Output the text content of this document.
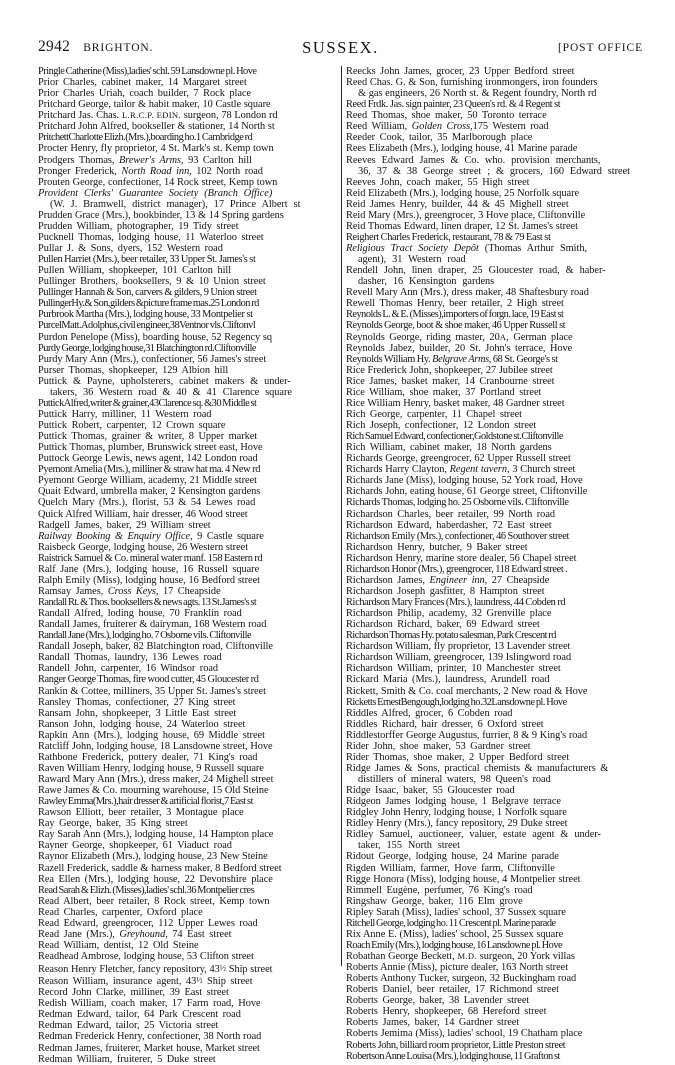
2942 BRIGHTON.	SUSSEX.	[POST OFFICE
Pringle Catherine (Miss),ladies' schl. 59 Lansdowne pl. Hove
Prior Charles, cabinet maker, 14 Margaret street
Prior Charles Uriah, coach builder, 7 Rock place
Pritchard George, tailor & habit maker, 10 Castle square
Pritchard Jas. Chas. L.R.C.P. EDIN. surgeon, 78 London rd
Pritchard John Alfred, bookseller & stationer, 14 North st
PritchettCharlotte Elizh.(Mrs.),boarding ho.1 Cambridge rd
Procter Henry, fly proprietor, 4 St. Mark's st. Kemp town
Prodgers Thomas, Brewer's Arms, 93 Carlton hill
Pronger Frederick, North Road inn, 102 North road
Prouten George, confectioner, 14 Rock street, Kemp town
Provident Clerks' Guarantee Society (Branch Office)
(W. J. Bramwell, district manager), 17 Prince Albert st
Prudden Grace (Mrs.), bookbinder, 13 & 14 Spring gardens
Prudden William, photographer, 19 Tidy street
Pucknell Thomas, lodging house, 11 Waterloo street
Pullar J. & Sons, dyers, 152 Western road
Pullen Harriet (Mrs.), beer retailer, 33 Upper St. James's st
Pullen William, shopkeeper, 101 Carlton hill
Pullinger Brothers, booksellers, 9 & 10 Union street
Pullinger Hannah & Son, carvers & gilders, 9 Union street
PullingerHy.& Son,gilders &picture frame mas.25 London rd
Purbrook Martha (Mrs.), lodging house, 33 Montpelier st
PurcelMatt.Adolphus,civil engineer,38Ventnor vls.Cliftonvl
Purdon Penelope (Miss), boarding house, 52 Regency sq
Purdy George, lodging house,31 Blatchington rd.Cliftonville
Purdy Mary Ann (Mrs.), confectioner, 56 James's street
Purser Thomas, shopkeeper, 129 Albion hill
Puttick & Payne, upholsterers, cabinet makers & under-
takers, 36 Western road & 40 & 41 Clarence square
PuttickAlfred,writer & grainer,43Clarence sq. &30 Middle st
Puttick Harry, milliner, 11 Western road
Puttick Robert, carpenter, 12 Crown square
Puttick Thomas, grainer & writer, 8 Upper market
Puttick Thomas, plumber, Brunswick street east, Hove
Puttock George Lewis, news agent, 142 London road
Pyemont Amelia (Mrs.), milliner & straw hat ma. 4 New rd
Pyemont George William, academy, 21 Middle street
Quait Edward, umbrella maker, 2 Kensington gardens
Quelch Mary (Mrs.), florist, 53 & 54 Lewes road
Quick Alfred William, hair dresser, 46 Wood street
Radgell James, baker, 29 William street
Railway Booking & Enquiry Office, 9 Castle square
Raisbeck George, lodging house, 26 Western street
Raistrick Samuel & Co. mineral water manf. 158 Eastern rd
Ralf Jane (Mrs.), lodging house, 16 Russell square
Ralph Emily (Miss), lodging house, 16 Bedford street
Ramsay James, Cross Keys, 17 Cheapside
Randall Rt. & Thos. booksellers & news agts. 13 St.James's st
Randall Alfred, loding house, 70 Franklin road
Randall James, fruiterer & dairyman, 168 Western road
Randall Jane (Mrs.), lodging ho. 7 Osborne vils. Cliftonville
Randall Joseph, baker, 82 Blatchington road, Cliftonville
Randall Thomas, laundry, 136 Lewes road
Randell John, carpenter, 16 Windsor road
Ranger George Thomas, fire wood cutter, 45 Gloucester rd
Rankin & Cottee, milliners, 35 Upper St. James's street
Ransley Thomas, confectioner, 27 King street
Ransam John, shopkeeper, 3 Little East street
Ranson John, lodging house, 24 Waterloo street
Rapkin Ann (Mrs.), lodging house, 69 Middle street
Ratcliff John, lodging house, 18 Lansdowne street, Hove
Rathbone Frederick, pottery dealer, 71 King's road
Raven William Henry, lodging house, 9 Russell square
Raward Mary Ann (Mrs.), dress maker, 24 Mighell street
Rawe James & Co. mourning warehouse, 15 Old Steine
Rawley Emma(Mrs.),hair dresser & artificial florist,7 East st
Rawson Elliott, beer retailer, 3 Montague place
Ray George, baker, 35 King street
Ray Sarah Ann (Mrs.), lodging house, 14 Hampton place
Rayner George, shopkeeper, 61 Viaduct road
Raynor Elizabeth (Mrs.), lodging house, 23 New Steine
Razell Frederick, saddle & harness maker, 8 Bedford street
Rea Ellen (Mrs.), lodging house, 22 Devonshire place
Read Sarah & Elizh. (Misses),ladies' schl.36 Montpelier cres
Read Albert, beer retailer, 8 Rock street, Kemp town
Read Charles, carpenter, Oxford place
Read Edward, greengrocer, 112 Upper Lewes road
Read Jane (Mrs.), Greyhound, 74 East street
Read William, dentist, 12 Old Steine
Readhead Ambrose, lodging house, 53 Clifton street
Reason Henry Fletcher, fancy repository, 43½ Ship street
Reason William, insurance agent, 43½ Ship street
Record John Clarke, milliner, 39 East street
Redish William, coach maker, 17 Farm road, Hove
Redman Edward, tailor, 64 Park Crescent road
Redman Edward, tailor, 25 Victoria street
Redman Frederick Henry, confectioner, 38 North road
Redman James, fruiterer, Market house, Market street
Redman William, fruiterer, 5 Duke street
Reecks John James, grocer, 23 Upper Bedford street
Reed Chas. G. & Son, furnishing ironmongers, iron founders
& gas engineers, 26 North st. & Regent foundry, North rd
Reed Frdk. Jas. sign painter, 23 Queen's rd. & 4 Regent st
Reed Thomas, shoe maker, 50 Toronto terrace
Reed William, Golden Cross,175 Western road
Reeder Cook, tailor, 35 Marlborough place
Rees Elizabeth (Mrs.), lodging house, 41 Marine parade
Reeves Edward James & Co. who. provision merchants,
36, 37 & 38 George street ; & grocers, 160 Edward street
Reeves John, coach maker, 55 High street
Reid Elizabeth (Mrs.), lodging house, 25 Norfolk square
Reid James Henry, builder, 44 & 45 Mighell street
Reid Mary (Mrs.), greengrocer, 3 Hove place, Cliftonville
Reid Thomas Edward, linen draper, 12 St. James's street
Reighert Charles Frederick, restaurant, 78 & 79 East st
Religious Tract Society Depôt (Thomas Arthur Smith,
agent), 31 Western road
Rendell John, linen draper, 25 Gloucester road, & haber-
dasher, 16 Kensington gardens
Revell Mary Ann (Mrs.), dress maker, 48 Shaftesbury road
Rewell Thomas Henry, beer retailer, 2 High street
Reynolds L. & E. (Misses),importers of forgn. lace, 19 East st
Reynolds George, boot & shoe maker, 46 Upper Russell st
Reynolds George, riding master, 20A, German place
Reynolds Jabez, builder, 20 St. John's terrace, Hove
Reynolds William Hy. Belgrave Arms, 68 St. George's st
Rice Frederick John, shopkeeper, 27 Jubilee street
Rice James, basket maker, 14 Cranbourne street
Rice William, shoe maker, 37 Portland street
Rice William Henry, basket maker, 48 Gardner street
Rich George, carpenter, 11 Chapel street
Rich Joseph, confectioner, 12 London street
Rich Samuel Edward, confectioner,Goldstone st.Cliftonville
Rich William, cabinet maker, 18 North gardens
Richards George, greengrocer, 62 Upper Russell street
Richards Harry Clayton, Regent tavern, 3 Church street
Richards Jane (Miss), lodging house, 52 York road, Hove
Richards John, eating house, 61 George street, Cliftonville
Richards Thomas, lodging ho. 25 Osborne vils. Cliftonville
Richardson Charles, beer retailer, 99 North road
Richardson Edward, haberdasher, 72 East street
Richardson Emily (Mrs.), confectioner, 46 Southover street
Richardson Henry, butcher, 9 Baker street
Richardson Henry, marine store dealer, 56 Chapel street
Richardson Honor (Mrs.), greengrocer, 118 Edward street .
Richardson James, Engineer inn, 27 Cheapside
Richardson Joseph gasfitter, 8 Hampton street
Richardson Mary Frances (Mrs.), laundress, 44 Cobden rd
Richardson Philip, academy, 32 Grenville place
Richardson Richard, baker, 69 Edward street
Richardson Thomas Hy. potato salesman, Park Crescent rd
Richardson William, fly proprietor, 13 Lavender street
Richardson William, greengrocer, 139 Islingword road
Richardson William, printer, 10 Manchester street
Rickard Maria (Mrs.), laundress, Arundell road
Rickett, Smith & Co. coal merchants, 2 New road & Hove
Ricketts ErnestBengough,lodging ho.32Lansdowne pl. Hove
Riddles Alfred, grocer, 6 Cobden road
Riddles Richard, hair dresser, 6 Oxford street
Riddlestorffer George Augustus, furrier, 8 & 9 King's road
Rider John, shoe maker, 53 Gardner street
Rider Thomas, shoe maker, 2 Upper Bedford street
Ridge James & Sons, practical chemists & manufacturers &
distillers of mineral waters, 98 Queen's road
Ridge Isaac, baker, 55 Gloucester road
Ridgeon James lodging house, 1 Belgrave terrace
Ridgley John Henry, lodging house, 1 Norfolk square
Ridley Henry (Mrs.), fancy repository, 29 Duke street
Ridley Samuel, auctioneer, valuer, estate agent & under-
taker, 155 North street
Ridout George, lodging house, 24 Marine parade
Rigden William, farmer, Hove farm, Cliftonville
Rigge Honora (Miss), lodging house, 4 Montpelier street
Rimmell Eugène, perfumer, 76 King's road
Ringshaw George, baker, 116 Elm grove
Ripley Sarah (Miss), ladies' school, 37 Sussex square
Ritchell George, lodging ho. 11 Crescent pl. Marine parade
Rix Anne E. (Miss), ladies' school, 25 Sussex square
Roach Emily (Mrs.), lodging house, 16 Lansdowne pl. Hove
Robathan George Beckett, M.D. surgeon, 20 York villas
Roberts Annie (Miss), picture dealer, 163 North street
Roberts Anthony Tucker, surgeon, 32 Buckingham road
Roberts Daniel, beer retailer, 17 Richmond street
Roberts George, baker, 38 Lavender street
Roberts Henry, shopkeeper, 68 Hereford street
Roberts James, baker, 14 Gardner street
Roberts Jemima (Miss), ladies' school, 19 Chatham place
Roberts John, billiard room proprietor, Little Preston street
Robertson Anne Louisa (Mrs.), lodging house, 11 Grafton st
